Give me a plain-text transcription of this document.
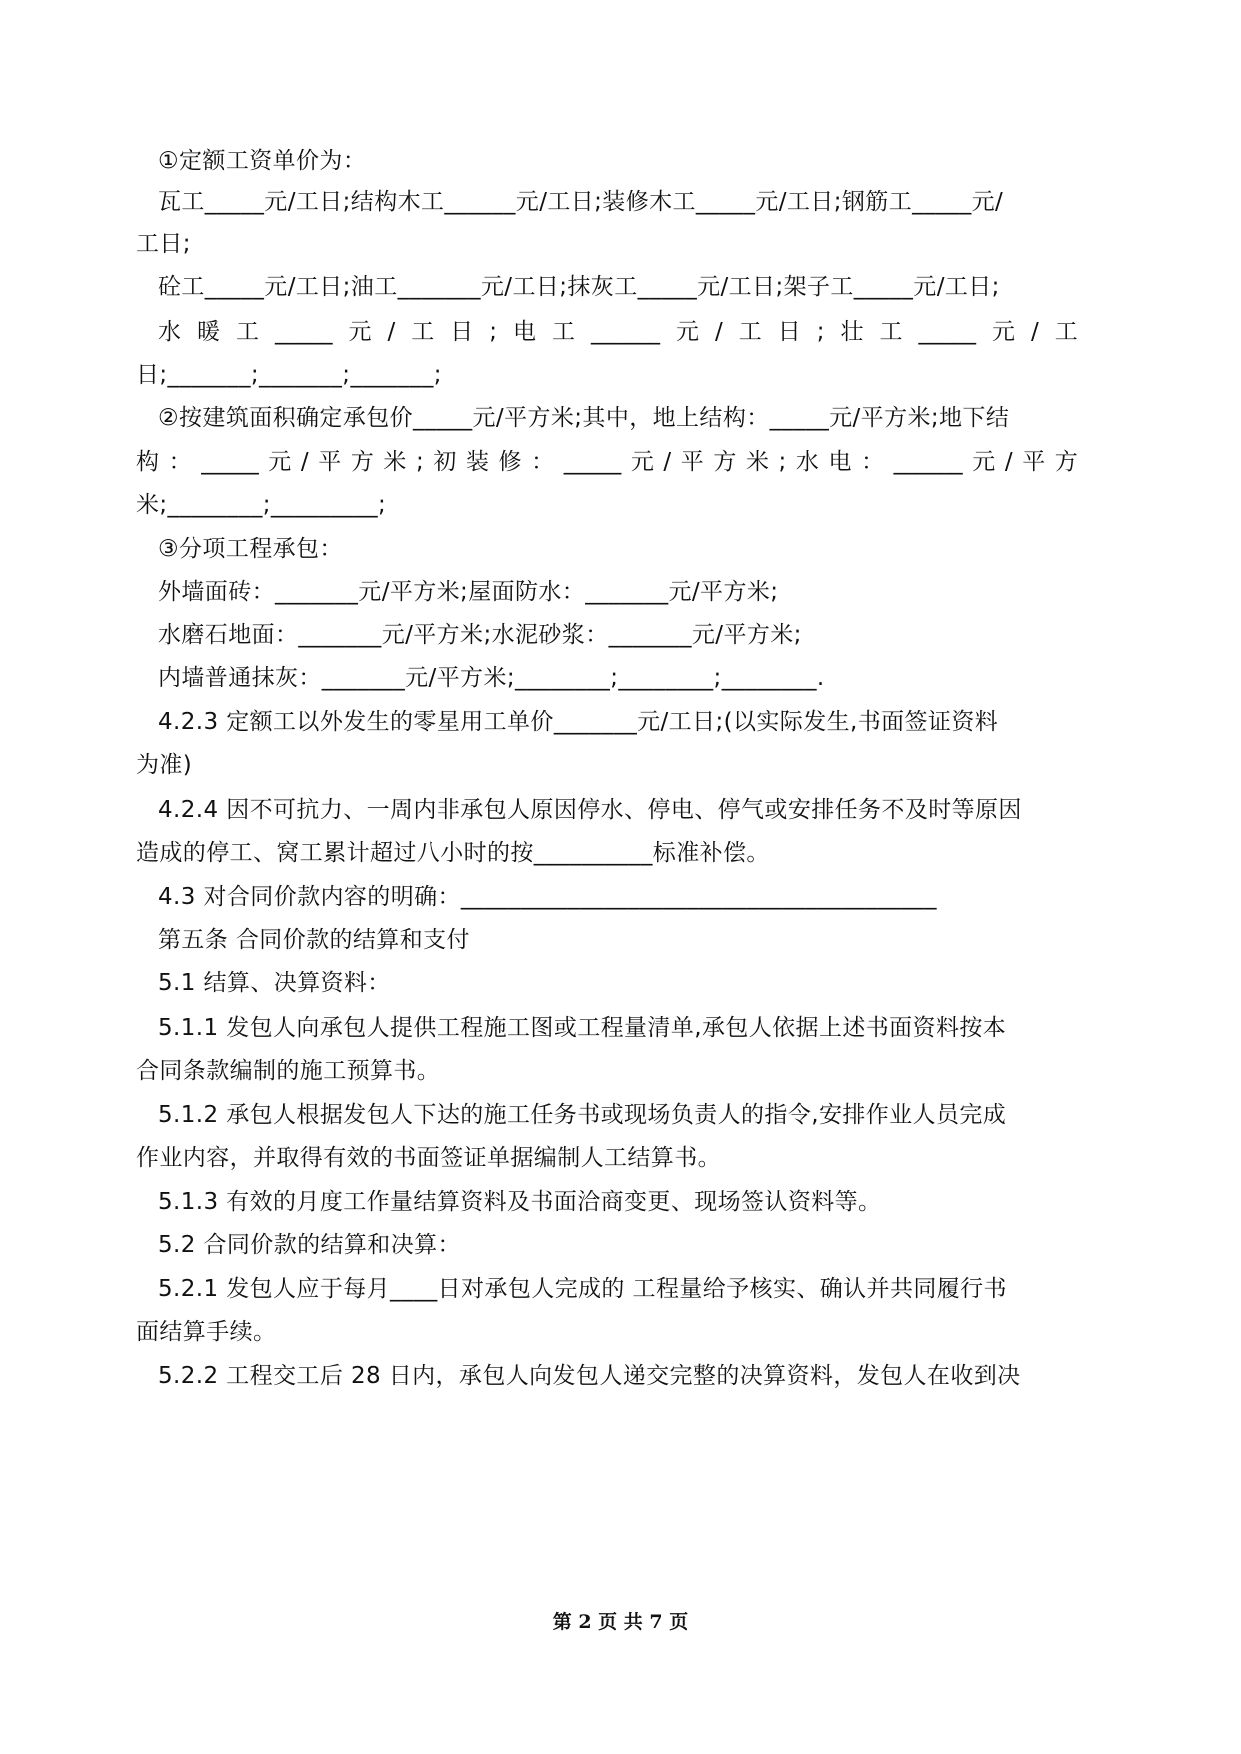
①定额工资单价为：
瓦工_____元/工日;结构木工______元/工日;装修木工_____元/工日;钢筋工_____元/
工日;
砼工_____元/工日;油工_______元/工日;抹灰工_____元/工日;架子工_____元/工日;
水 暖 工 _____ 元 / 工 日 ; 电 工 ______ 元 / 工 日 ; 壮 工 _____ 元 / 工
日;_______;_______;_______;
②按建筑面积确定承包价_____元/平方米;其中，地上结构：_____元/平方米;地下结
构 ： _____ 元 / 平 方 米 ; 初 装 修 ： _____ 元 / 平 方 米 ; 水 电 ： ______ 元 / 平 方
米;________;_________;
③分项工程承包：
外墙面砖：_______元/平方米;屋面防水：_______元/平方米;
水磨石地面：_______元/平方米;水泥砂浆：_______元/平方米;
内墙普通抹灰：_______元/平方米;________;________;________.
4.2.3 定额工以外发生的零星用工单价_______元/工日;(以实际发生,书面签证资料
为准)
4.2.4 因不可抗力、一周内非承包人原因停水、停电、停气或安排任务不及时等原因
造成的停工、窝工累计超过八小时的按__________标准补偿。
4.3 对合同价款内容的明确：________________________________________
第五条 合同价款的结算和支付
5.1 结算、决算资料：
5.1.1 发包人向承包人提供工程施工图或工程量清单,承包人依据上述书面资料按本
合同条款编制的施工预算书。
5.1.2 承包人根据发包人下达的施工任务书或现场负责人的指令,安排作业人员完成
作业内容，并取得有效的书面签证单据编制人工结算书。
5.1.3 有效的月度工作量结算资料及书面洽商变更、现场签认资料等。
5.2 合同价款的结算和决算：
5.2.1 发包人应于每月____日对承包人完成的 工程量给予核实、确认并共同履行书
面结算手续。
5.2.2 工程交工后 28 日内，承包人向发包人递交完整的决算资料，发包人在收到决
第 2 页 共 7 页
